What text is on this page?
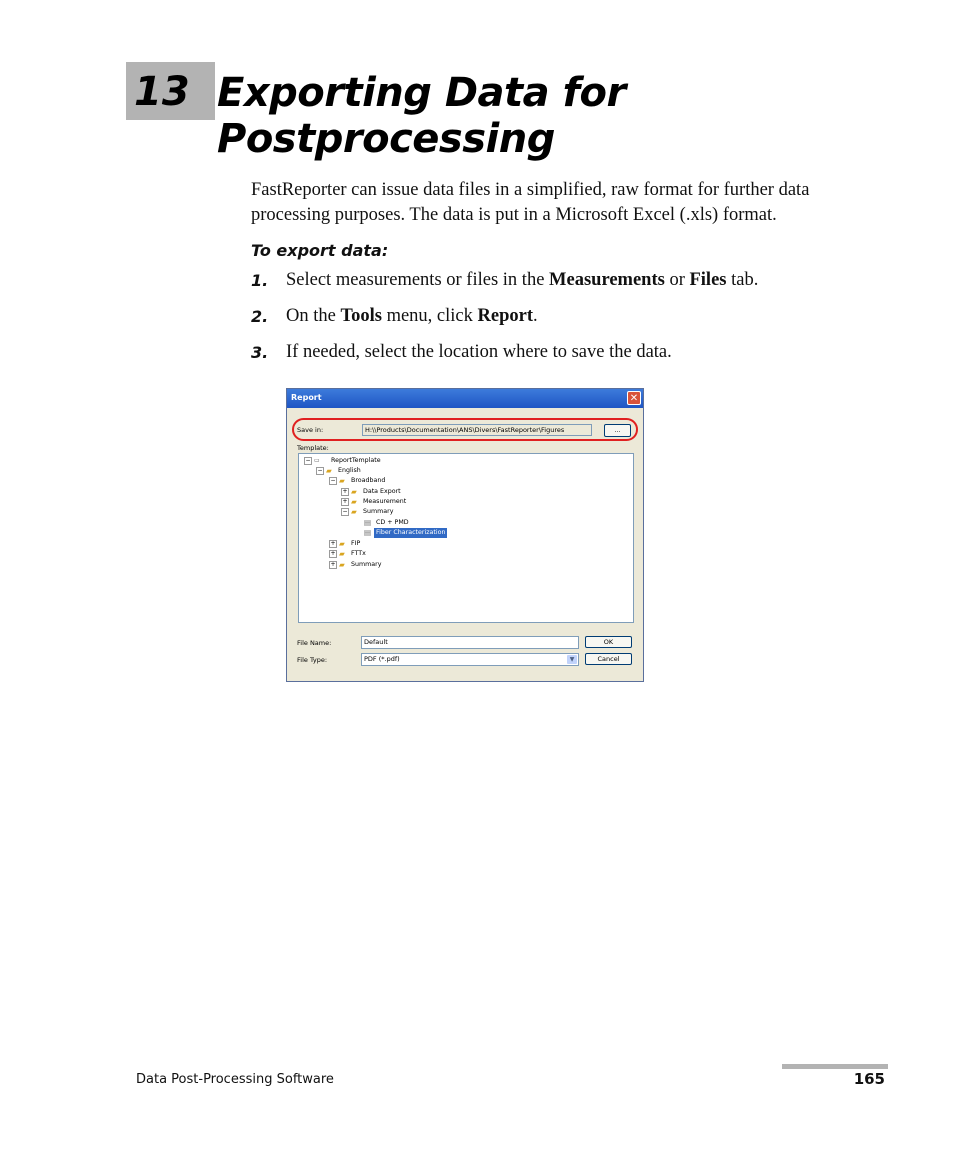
13 Exporting Data for
Postprocessing

FastReporter can issue data files in a simplified, raw format for further data processing purposes. The data is put in a Microsoft Excel (.xls) format.

To export data:
1. Select measurements or files in the Measurements or Files tab.
2. On the Tools menu, click Report.
3. If needed, select the location where to save the data.
Report	✕
Save in:	H:\\Products\Documentation\ANS\Divers\FastReporter\Figures	...
Template:
− ▭ ReportTemplate
− ▰ English
− ▰ Broadband
+ ▰ Data Export
+ ▰ Measurement
− ▰ Summary
▤ CD + PMD
▤ Fiber Characterization
+ ▰ FIP
+ ▰ FTTx
+ ▰ Summary
File Name:	Default	OK
File Type:	PDF (*.pdf)	▼	Cancel
Data Post-Processing Software	165
